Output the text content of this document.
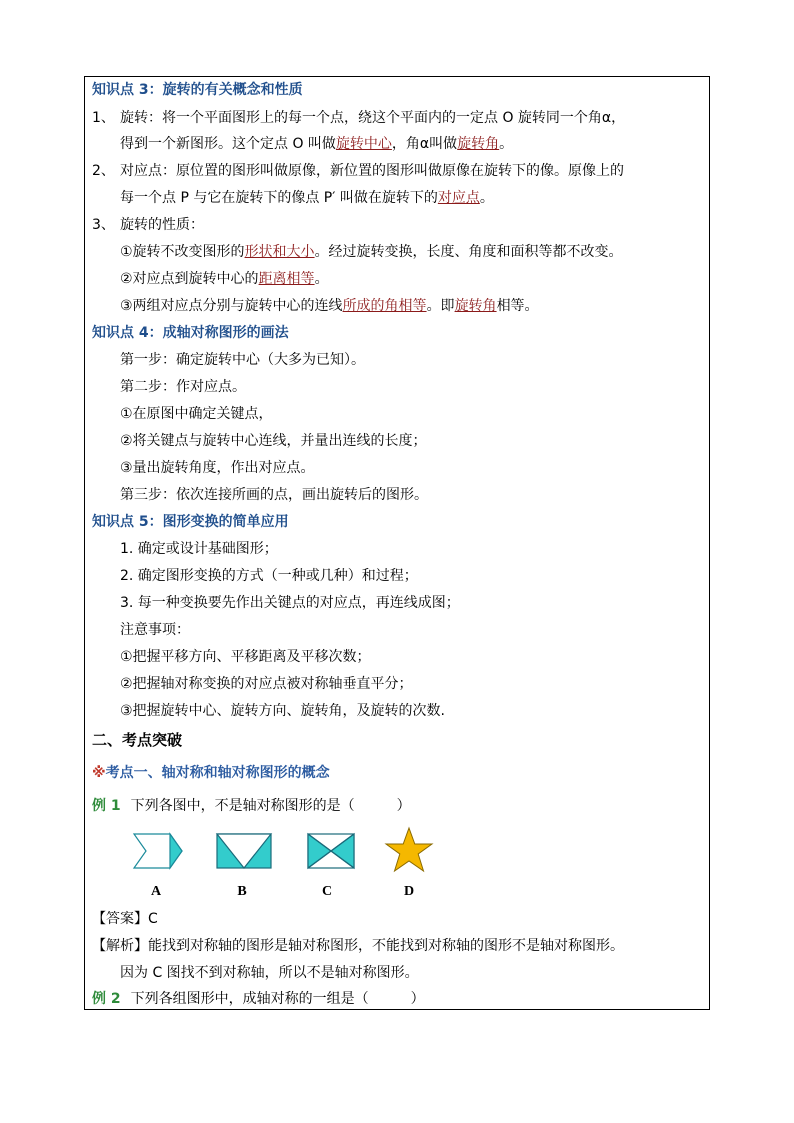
知识点 3：旋转的有关概念和性质
1、 旋转：将一个平面图形上的每一个点，绕这个平面内的一定点 O 旋转同一个角α，
得到一个新图形。这个定点 O 叫做旋转中心，角α叫做旋转角。
2、 对应点：原位置的图形叫做原像，新位置的图形叫做原像在旋转下的像。原像上的
每一个点 P 与它在旋转下的像点 P′ 叫做在旋转下的对应点。
3、 旋转的性质：
①旋转不改变图形的形状和大小。经过旋转变换，长度、角度和面积等都不改变。
②对应点到旋转中心的距离相等。
③两组对应点分别与旋转中心的连线所成的角相等。即旋转角相等。
知识点 4：成轴对称图形的画法
第一步：确定旋转中心（大多为已知）。
第二步：作对应点。
①在原图中确定关键点，
②将关键点与旋转中心连线，并量出连线的长度；
③量出旋转角度，作出对应点。
第三步：依次连接所画的点，画出旋转后的图形。
知识点 5：图形变换的简单应用
1. 确定或设计基础图形；
2. 确定图形变换的方式（一种或几种）和过程；
3. 每一种变换要先作出关键点的对应点，再连线成图；
注意事项：
①把握平移方向、平移距离及平移次数；
②把握轴对称变换的对应点被对称轴垂直平分；
③把握旋转中心、旋转方向、旋转角，及旋转的次数.
二、考点突破
※考点一、轴对称和轴对称图形的概念
例 1 下列各图中，不是轴对称图形的是（　　　）
A	B	C	D
【答案】C
【解析】能找到对称轴的图形是轴对称图形，不能找到对称轴的图形不是轴对称图形。
因为 C 图找不到对称轴，所以不是轴对称图形。
例 2 下列各组图形中，成轴对称的一组是（　　　）
